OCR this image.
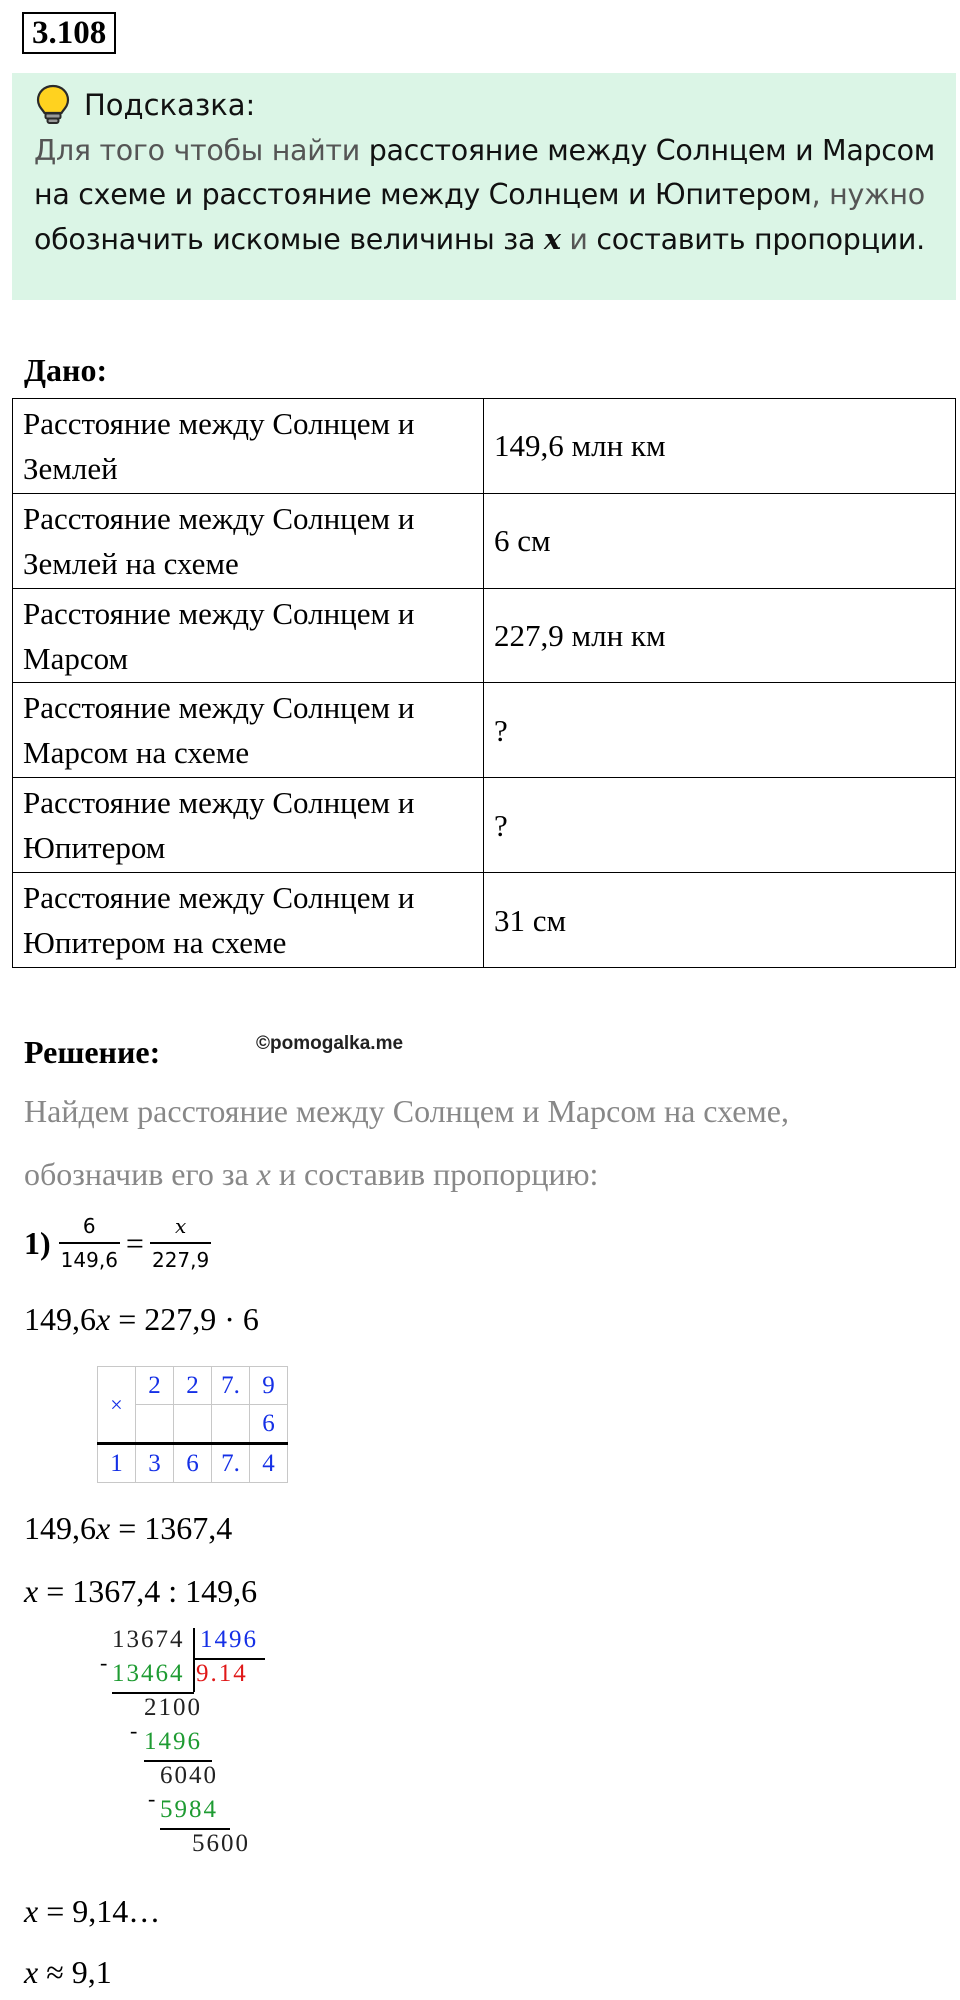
3.108
Подсказка:
Для того чтобы найти расстояние между Солнцем и Марсом на схеме и расстояние между Солнцем и Юпитером, нужно обозначить искомые величины за x и составить пропорции.
Дано:
Расстояние между Солнцем и Землей	149,6 млн км
Расстояние между Солнцем и Землей на схеме	6 см
Расстояние между Солнцем и Марсом	227,9 млн км
Расстояние между Солнцем и Марсом на схеме	?
Расстояние между Солнцем и Юпитером	?
Расстояние между Солнцем и Юпитером на схеме	31 см
Решение:	©pomogalka.me
Найдем расстояние между Солнцем и Марсом на схеме,
обозначив его за x и составив пропорцию:
$1) \frac{6}{149,6} = \frac{x}{227,9}$
149,6x = 227,9 · 6
×	2	2	7.	9
				6
1	3	6	7.	4
149,6x = 1367,4
x = 1367,4 : 149,6
13674 1496
9.14
- 13464
2100
- 1496
6040
- 5984
5600
x = 9,14…
x ≈ 9,1
